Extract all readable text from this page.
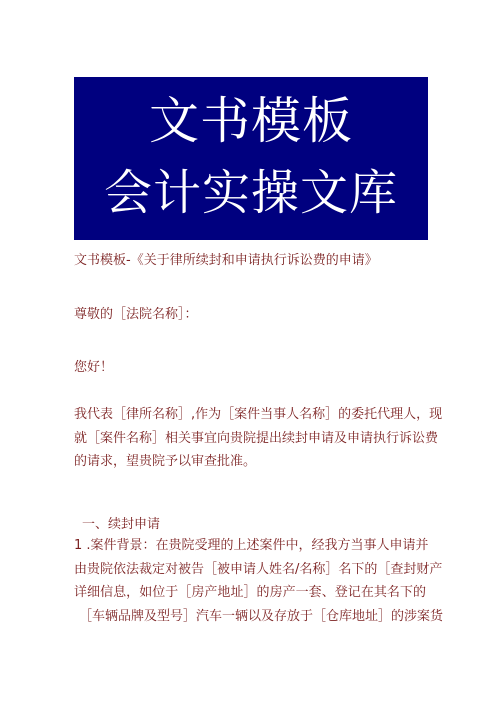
文书模板
会计实操文库
文书模板-《关于律所续封和申请执行诉讼费的申请》
尊敬的［法院名称］：
您好！
我代表［律所名称］,作为［案件当事人名称］的委托代理人，现
就［案件名称］相关事宜向贵院提出续封申请及申请执行诉讼费
的请求，望贵院予以审查批准。
一、续封申请
1 .案件背景：在贵院受理的上述案件中，经我方当事人申请并
由贵院依法裁定对被告［被申请人姓名/名称］名下的［查封财产
详细信息，如位于［房产地址］的房产一套、登记在其名下的
［车辆品牌及型号］汽车一辆以及存放于［仓库地址］的涉案货
